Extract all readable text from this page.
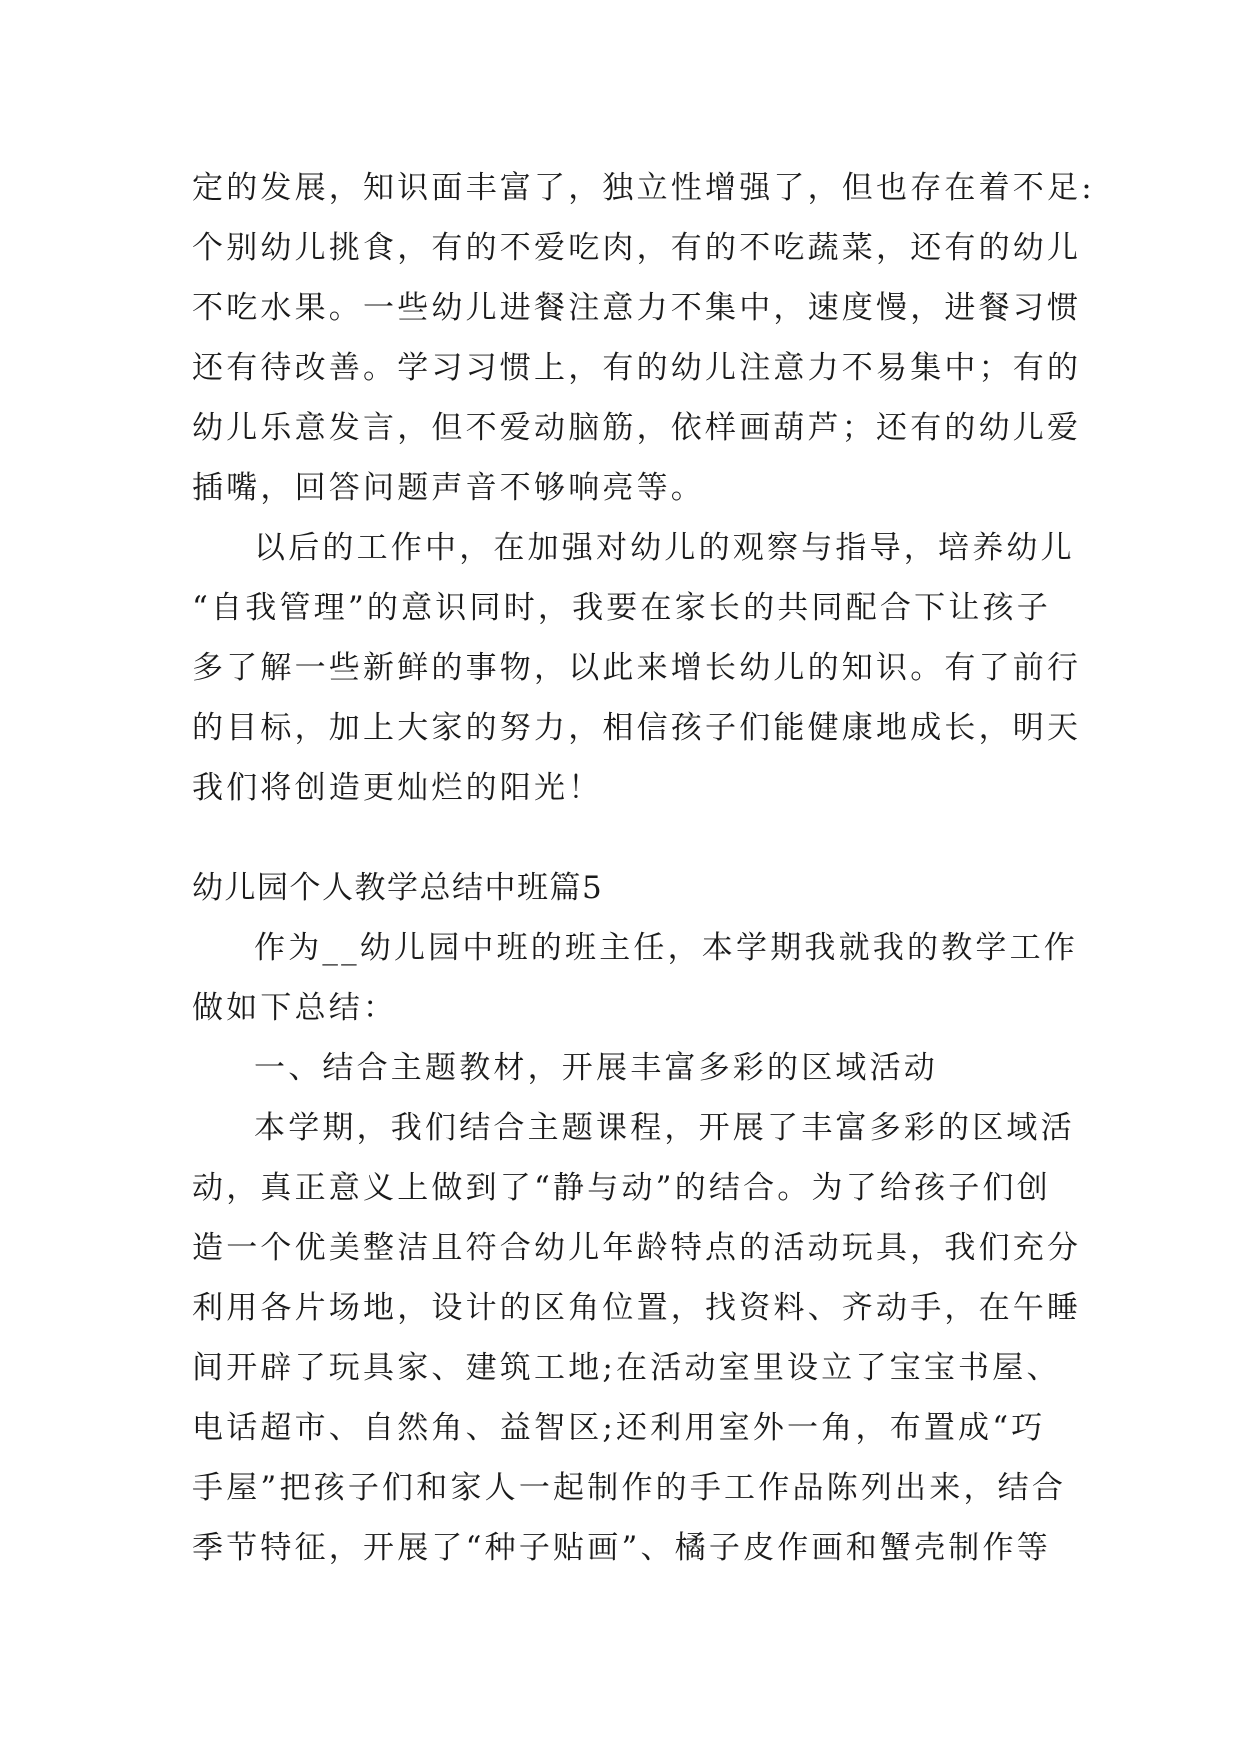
定的发展，知识面丰富了，独立性增强了，但也存在着不足:
个别幼儿挑食，有的不爱吃肉，有的不吃蔬菜，还有的幼儿
不吃水果。一些幼儿进餐注意力不集中，速度慢，进餐习惯
还有待改善。学习习惯上，有的幼儿注意力不易集中；有的
幼儿乐意发言，但不爱动脑筋，依样画葫芦；还有的幼儿爱
插嘴，回答问题声音不够响亮等。
以后的工作中，在加强对幼儿的观察与指导，培养幼儿
“自我管理”的意识同时，我要在家长的共同配合下让孩子
多了解一些新鲜的事物，以此来增长幼儿的知识。有了前行
的目标，加上大家的努力，相信孩子们能健康地成长，明天
我们将创造更灿烂的阳光！
幼儿园个人教学总结中班篇5
作为__幼儿园中班的班主任，本学期我就我的教学工作
做如下总结：
一、结合主题教材，开展丰富多彩的区域活动
本学期，我们结合主题课程，开展了丰富多彩的区域活
动，真正意义上做到了“静与动”的结合。为了给孩子们创
造一个优美整洁且符合幼儿年龄特点的活动玩具，我们充分
利用各片场地，设计的区角位置，找资料、齐动手，在午睡
间开辟了玩具家、建筑工地;在活动室里设立了宝宝书屋、
电话超市、自然角、益智区;还利用室外一角，布置成“巧
手屋”把孩子们和家人一起制作的手工作品陈列出来，结合
季节特征，开展了“种子贴画”、橘子皮作画和蟹壳制作等
